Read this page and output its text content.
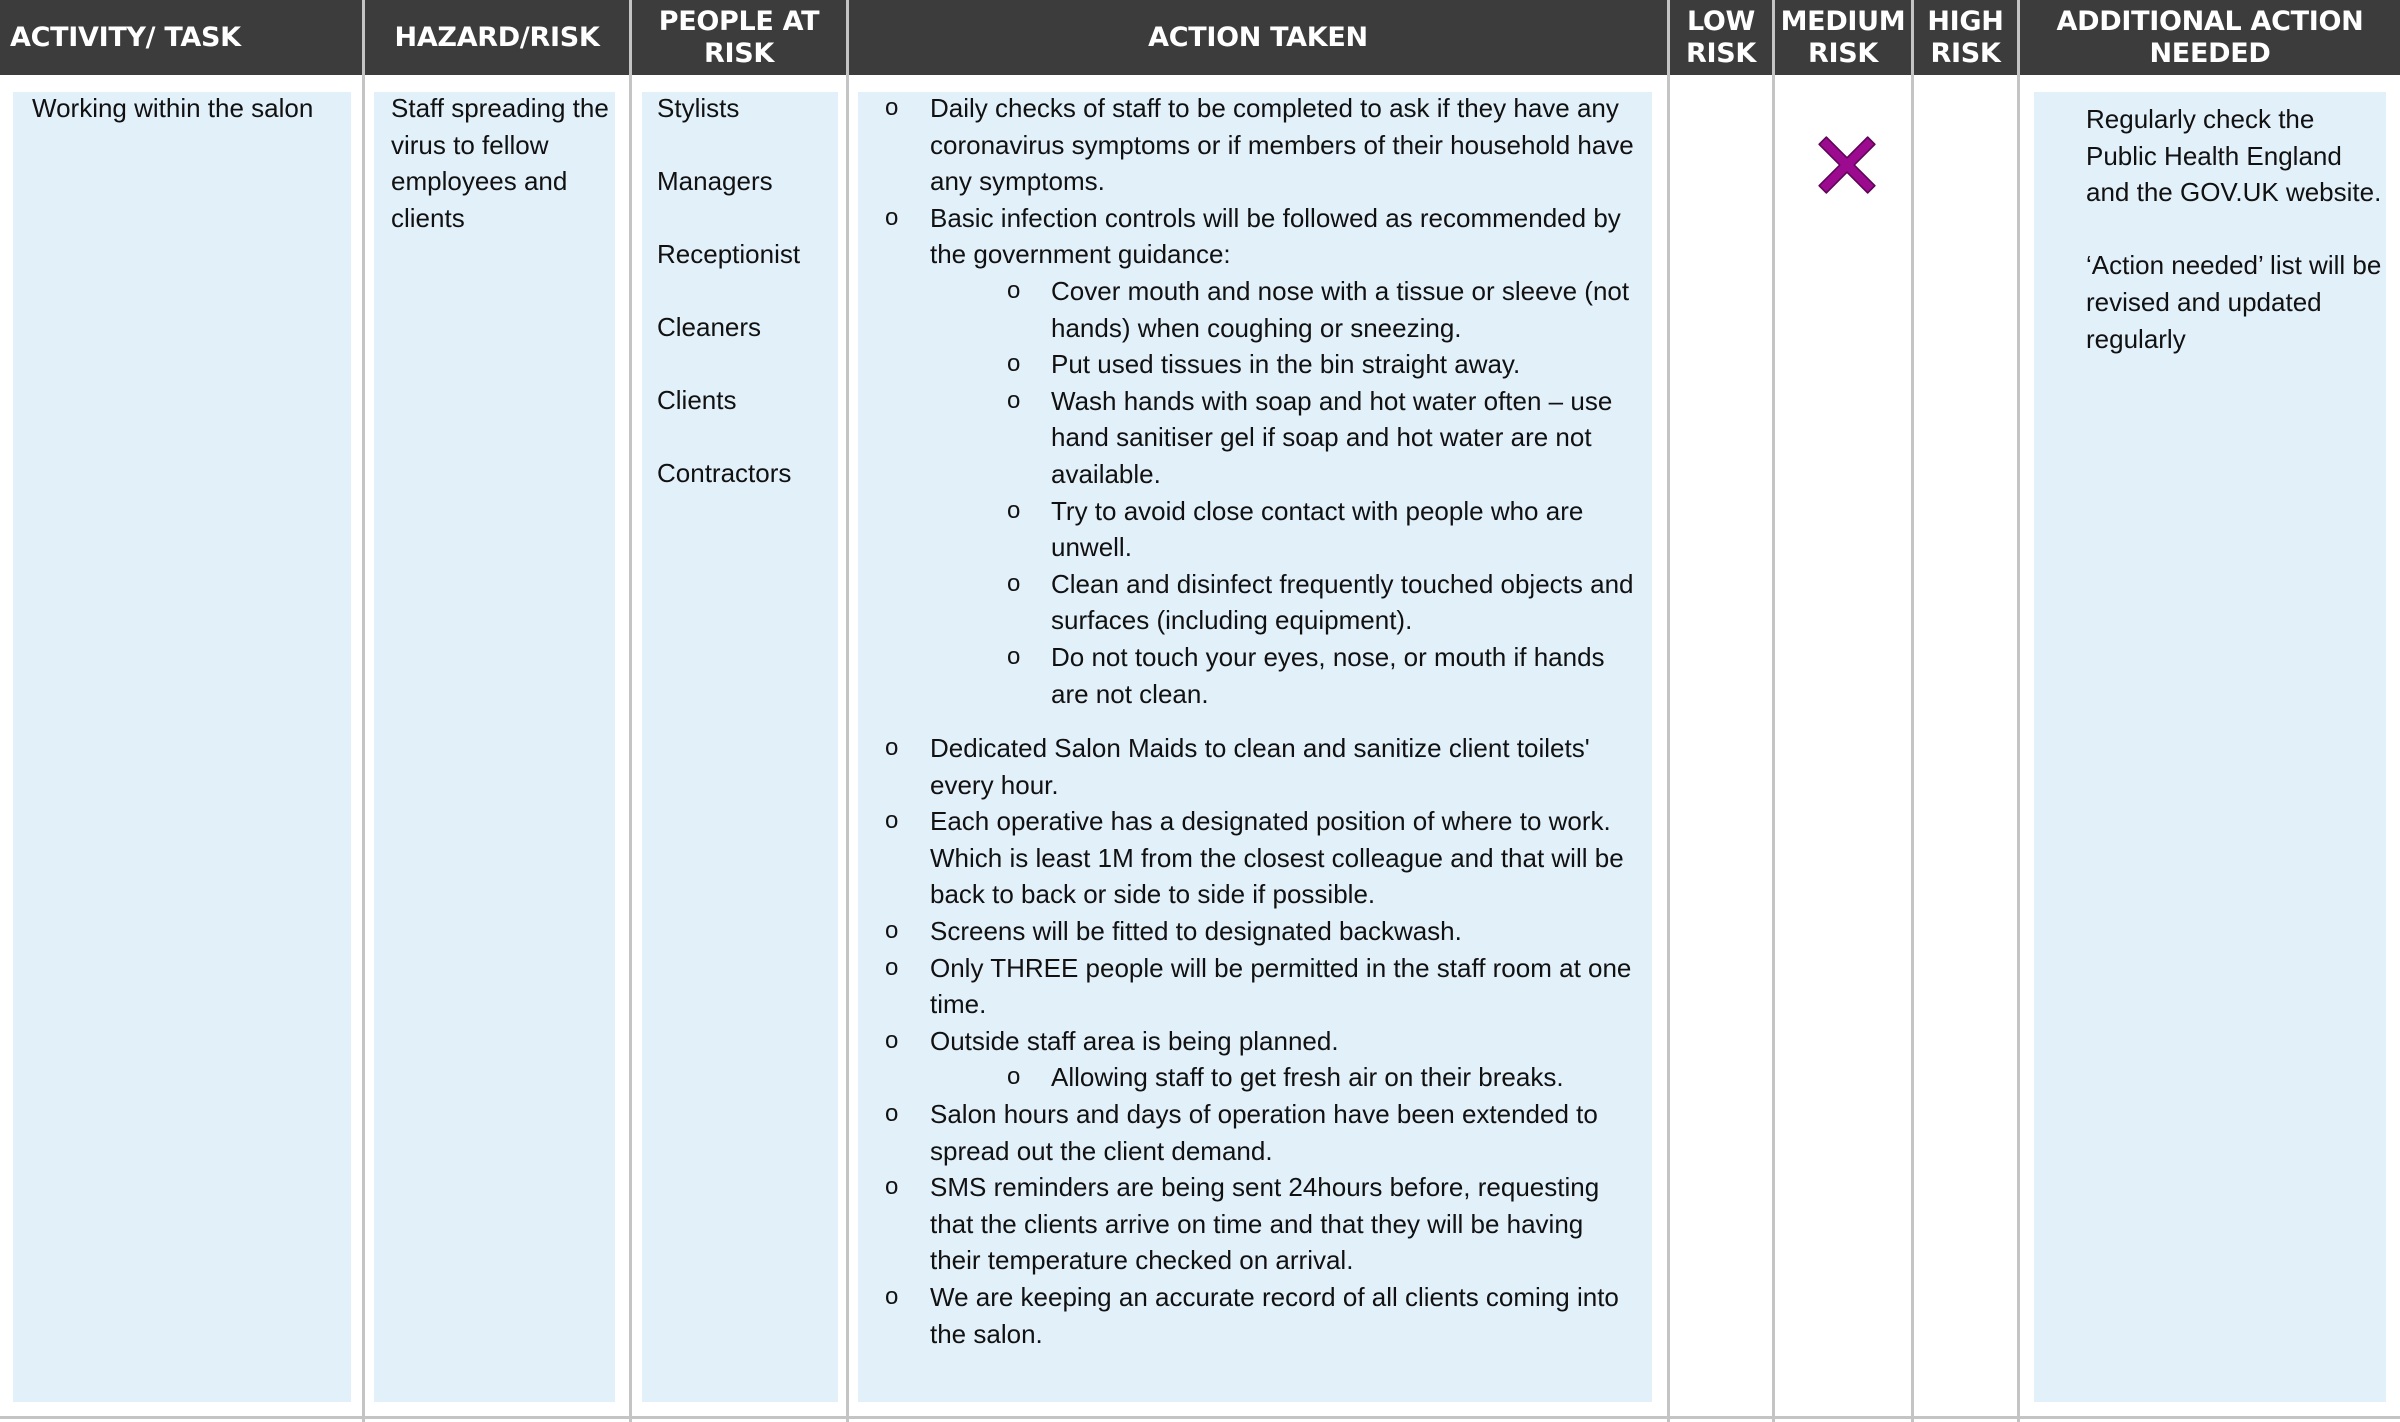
ACTIVITY/ TASK	HAZARD/RISK
PEOPLE AT
RISK
ACTION TAKEN
LOW
RISK
MEDIUM
RISK
HIGH
RISK
ADDITIONAL ACTION
NEEDED
Working within the salon	Staff spreading the virus to fellow employees and clients
Stylists
Managers
Receptionist
Cleaners
Clients
Contractors
o Daily checks of staff to be completed to ask if they have any coronavirus symptoms or if members of their household have any symptoms.
o Basic infection controls will be followed as recommended by the government guidance:
o Cover mouth and nose with a tissue or sleeve (not hands) when coughing or sneezing.
o Put used tissues in the bin straight away.
o Wash hands with soap and hot water often – use hand sanitiser gel if soap and hot water are not available.
o Try to avoid close contact with people who are unwell.
o Clean and disinfect frequently touched objects and surfaces (including equipment).
o Do not touch your eyes, nose, or mouth if hands are not clean.
o Dedicated Salon Maids to clean and sanitize client toilets' every hour.
o Each operative has a designated position of where to work. Which is least 1M from the closest colleague and that will be back to back or side to side if possible.
o Screens will be fitted to designated backwash.
o Only THREE people will be permitted in the staff room at one time.
o Outside staff area is being planned.
o Allowing staff to get fresh air on their breaks.
o Salon hours and days of operation have been extended to spread out the client demand.
o SMS reminders are being sent 24hours before, requesting that the clients arrive on time and that they will be having their temperature checked on arrival.
o We are keeping an accurate record of all clients coming into the salon.

Regularly check the Public Health England and the GOV.UK website.

‘Action needed’ list will be revised and updated regularly
